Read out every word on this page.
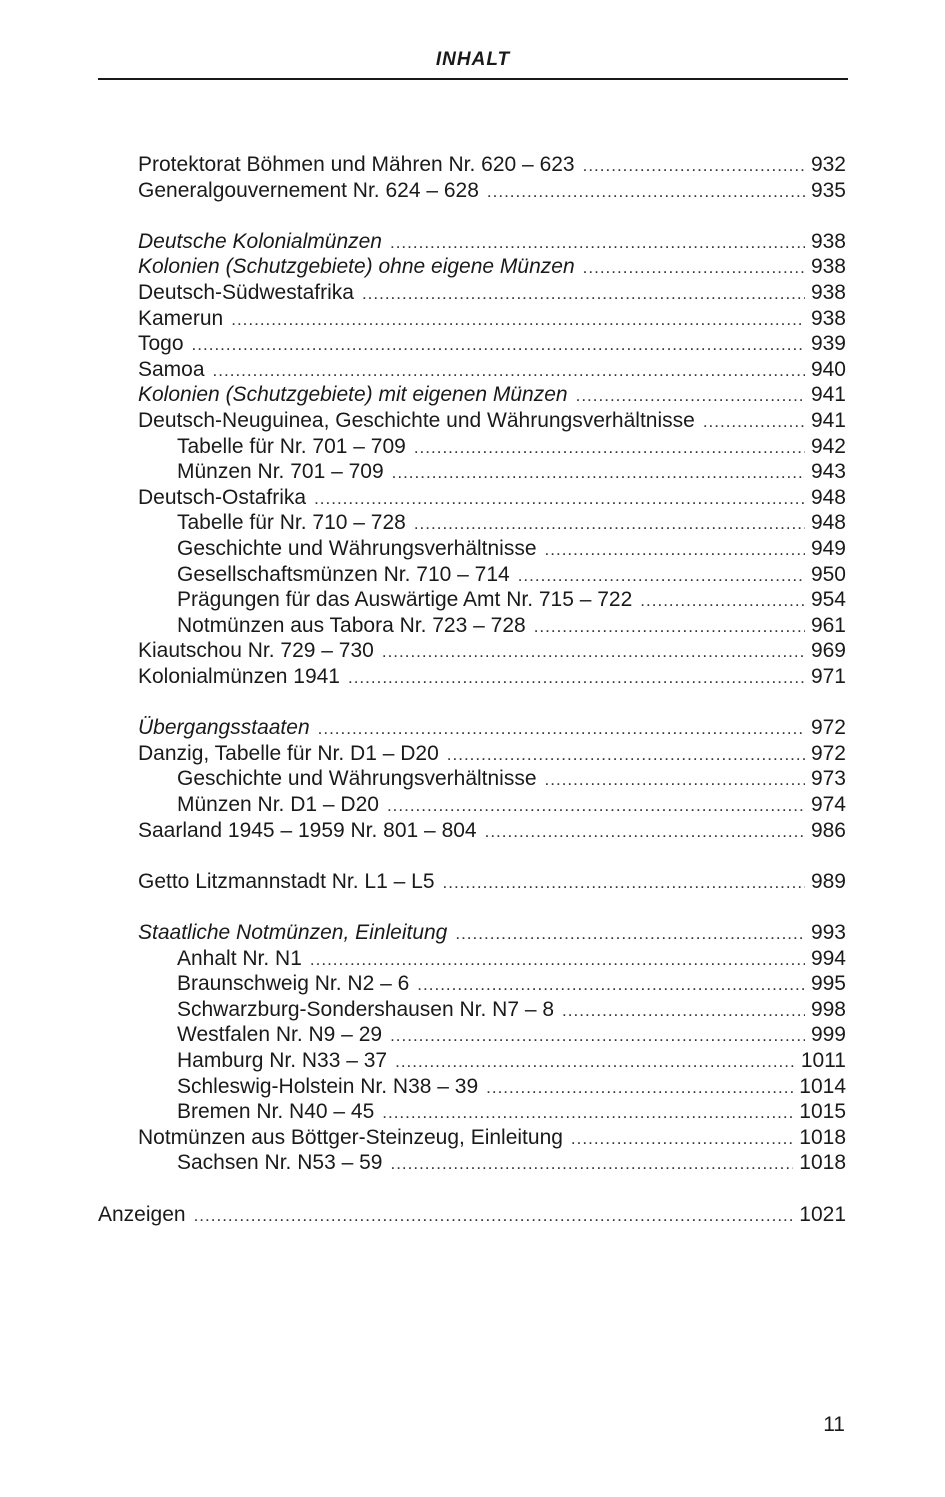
INHALT
Protektorat Böhmen und Mähren Nr. 620 – 623 .....	932
Generalgouvernement Nr. 624 – 628 .....	935
Deutsche Kolonialmünzen .....	938
Kolonien (Schutzgebiete) ohne eigene Münzen .....	938
Deutsch-Südwestafrika .....	938
Kamerun .....	938
Togo .....	939
Samoa .....	940
Kolonien (Schutzgebiete) mit eigenen Münzen .....	941
Deutsch-Neuguinea, Geschichte und Währungsverhältnisse .....	941
Tabelle für Nr. 701 – 709 .....	942
Münzen Nr. 701 – 709 .....	943
Deutsch-Ostafrika .....	948
Tabelle für Nr. 710 – 728 .....	948
Geschichte und Währungsverhältnisse .....	949
Gesellschaftsmünzen Nr. 710 – 714 .....	950
Prägungen für das Auswärtige Amt Nr. 715 – 722 .....	954
Notmünzen aus Tabora Nr. 723 – 728 .....	961
Kiautschou Nr. 729 – 730 .....	969
Kolonialmünzen 1941 .....	971
Übergangsstaaten .....	972
Danzig, Tabelle für Nr. D1 – D20 .....	972
Geschichte und Währungsverhältnisse .....	973
Münzen Nr. D1 – D20 .....	974
Saarland 1945 – 1959 Nr. 801 – 804 .....	986
Getto Litzmannstadt Nr. L1 – L5 .....	989
Staatliche Notmünzen, Einleitung .....	993
Anhalt Nr. N1 .....	994
Braunschweig Nr. N2 – 6 .....	995
Schwarzburg-Sondershausen Nr. N7 – 8 .....	998
Westfalen Nr. N9 – 29 .....	999
Hamburg Nr. N33 – 37 .....	1011
Schleswig-Holstein Nr. N38 – 39 .....	1014
Bremen Nr. N40 – 45 .....	1015
Notmünzen aus Böttger-Steinzeug, Einleitung .....	1018
Sachsen Nr. N53 – 59 .....	1018
Anzeigen .....	1021
11
